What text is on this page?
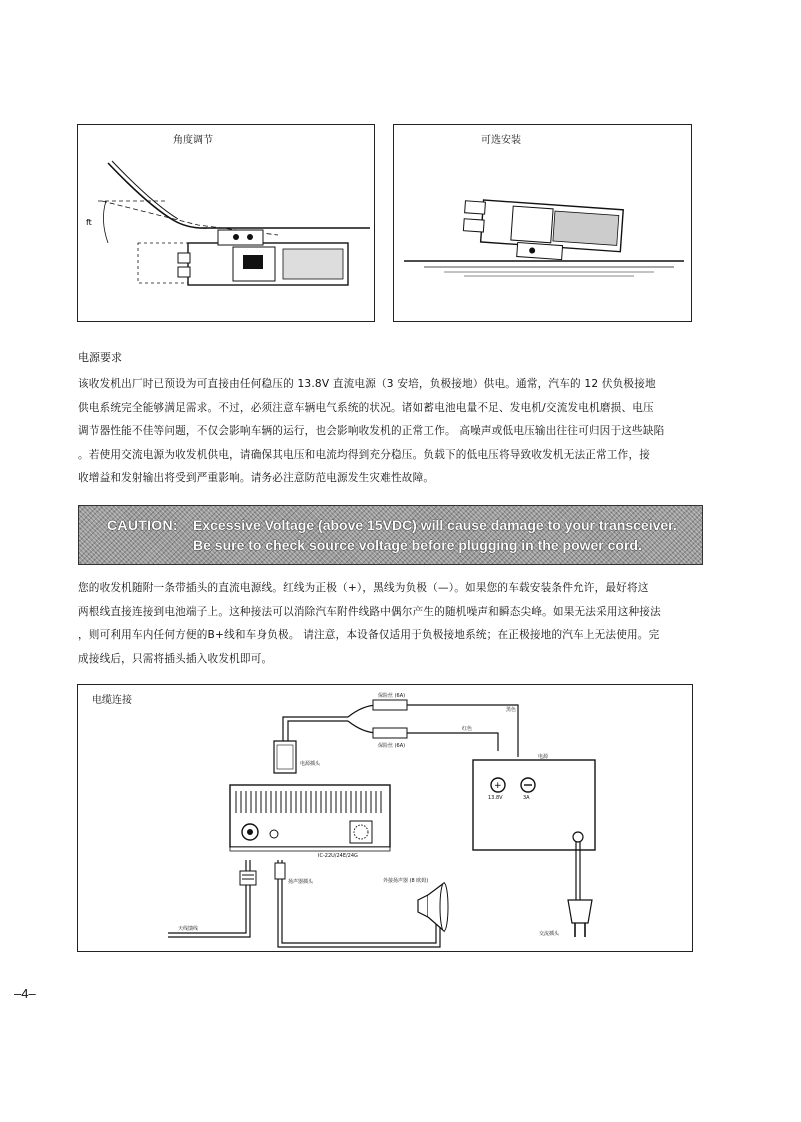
角度调节
ft
可选安装
电源要求
该收发机出厂时已预设为可直接由任何稳压的 13.8V 直流电源（3 安培，负极接地）供电。通常，汽车的 12 伏负极接地
供电系统完全能够满足需求。不过，必须注意车辆电气系统的状况。诸如蓄电池电量不足、发电机/交流发电机磨损、电压
调节器性能不佳等问题，不仅会影响车辆的运行，也会影响收发机的正常工作。 高噪声或低电压输出往往可归因于这些缺陷
。若使用交流电源为收发机供电，请确保其电压和电流均得到充分稳压。负载下的低电压将导致收发机无法正常工作，接
收增益和发射输出将受到严重影响。请务必注意防范电源发生灾难性故障。
CAUTION: Excessive Voltage (above 15VDC) will cause damage to your transceiver.
Be sure to check source voltage before plugging in the power cord.
您的收发机随附一条带插头的直流电源线。红线为正极（+），黑线为负极（—）。如果您的车载安装条件允许，最好将这
两根线直接连接到电池端子上。这种接法可以消除汽车附件线路中偶尔产生的随机噪声和瞬态尖峰。如果无法采用这种接法
，则可利用车内任何方便的B+线和车身负极。 请注意，本设备仅适用于负极接地系统；在正极接地的汽车上无法使用。完
成接线后，只需将插头插入收发机即可。
电缆连接
+
保险丝 (6A)
保险丝 (6A)
黑色
红色
电源插头
电源
13.8V	3A
IC-22U/24E/24G
扬声器插头	外接扬声器 (8 欧姆)
天线馈线
交流插头
–4–
